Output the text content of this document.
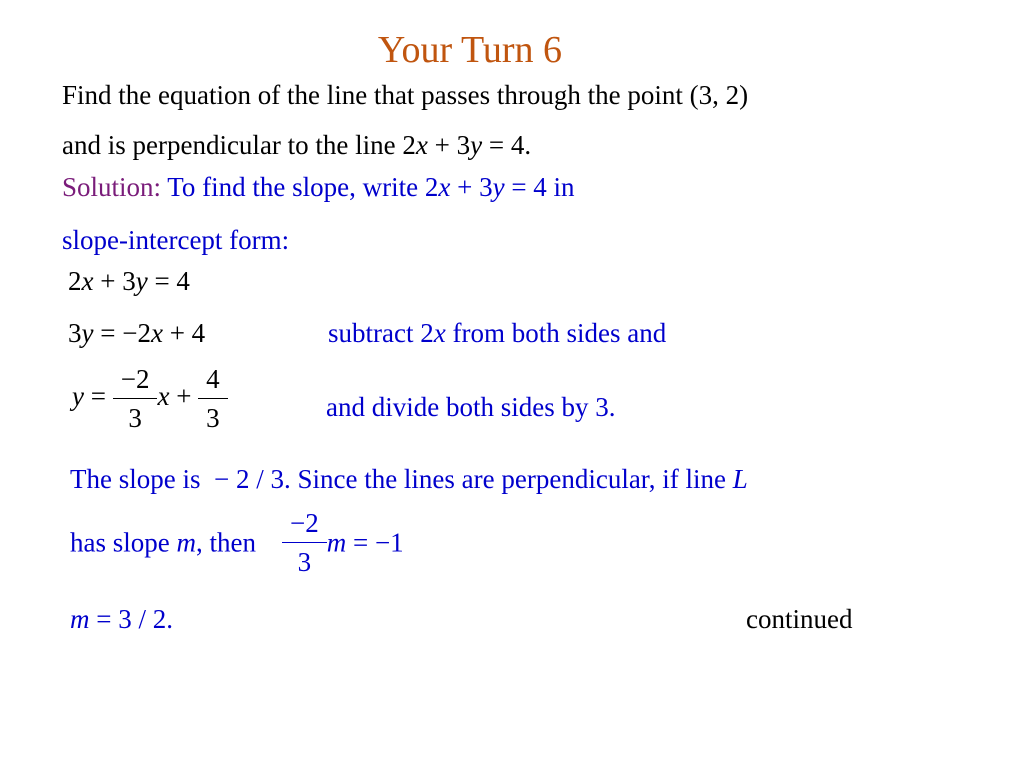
Your Turn 6
Find the equation of the line that passes through the point (3, 2)
and is perpendicular to the line 2x + 3y = 4.
Solution: To find the slope, write 2x + 3y = 4 in
slope-intercept form:
2x + 3y = 4
3y = −2x + 4	subtract 2x from both sides and
$y = \frac{-2}{3}$ $x + \frac{4}{3}$	and divide both sides by 3.
The slope is  − 2 / 3. Since the lines are perpendicular, if line L
has slope m, then $\frac{-2}{3}$ m = −1
m = 3 / 2.	continued
